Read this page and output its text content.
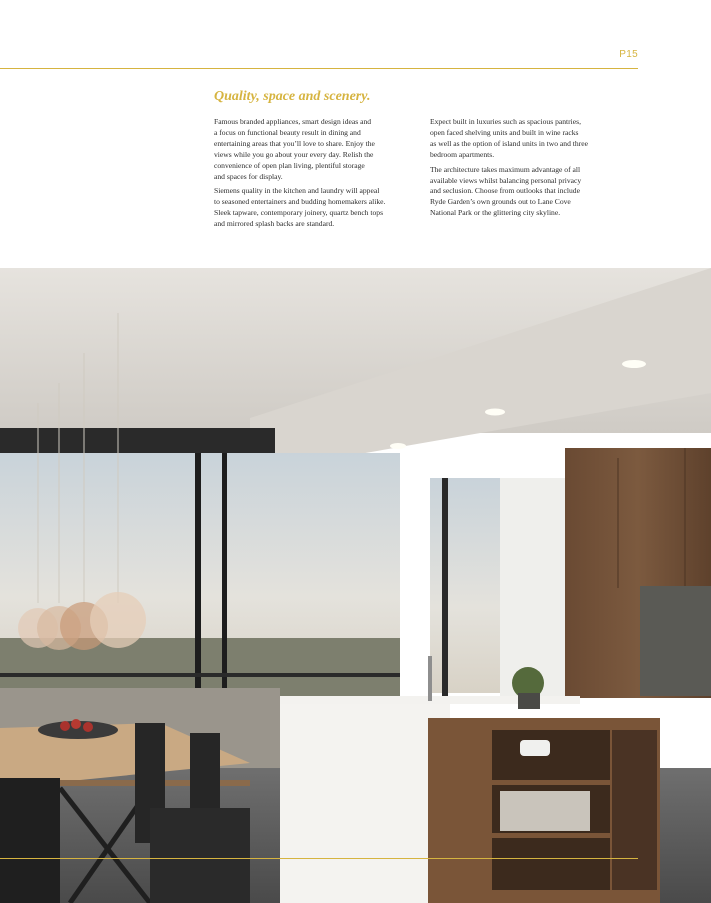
P15
Quality, space and scenery.

Famous branded appliances, smart design ideas and
a focus on functional beauty result in dining and
entertaining areas that you’ll love to share. Enjoy the
views while you go about your every day. Relish the
convenience of open plan living, plentiful storage
and spaces for display.

Siemens quality in the kitchen and laundry will appeal
to seasoned entertainers and budding homemakers alike.
Sleek tapware, contemporary joinery, quartz bench tops
and mirrored splash backs are standard.

Expect built in luxuries such as spacious pantries,
open faced shelving units and built in wine racks
as well as the option of island units in two and three
bedroom apartments.

The architecture takes maximum advantage of all
available views whilst balancing personal privacy
and seclusion. Choose from outlooks that include
Ryde Garden’s own grounds out to Lane Cove
National Park or the glittering city skyline.
